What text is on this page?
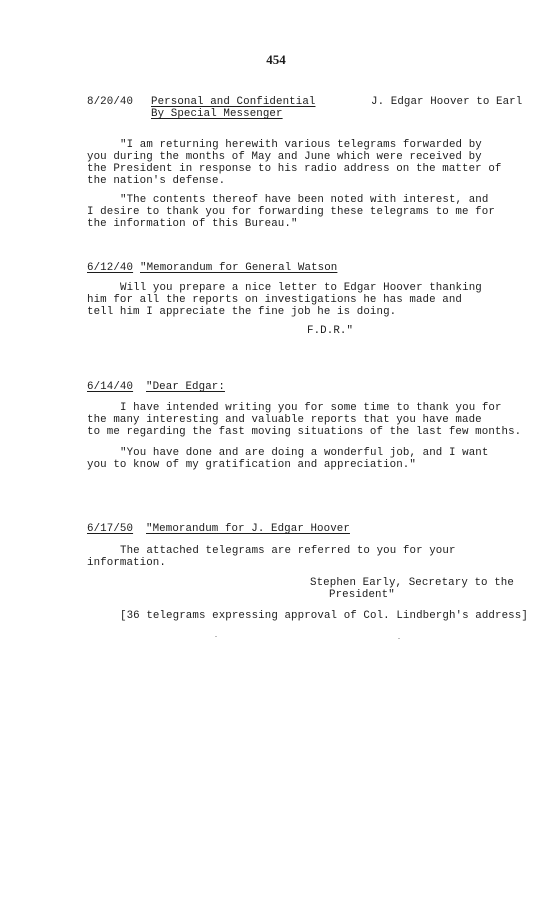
454
8/20/40 Personal and Confidential	J. Edgar Hoover to Earl
By Special Messenger
"I am returning herewith various telegrams forwarded by
you during the months of May and June which were received by
the President in response to his radio address on the matter of
the nation's defense.
"The contents thereof have been noted with interest, and
I desire to thank you for forwarding these telegrams to me for
the information of this Bureau."
6/12/40 "Memorandum for General Watson
Will you prepare a nice letter to Edgar Hoover thanking
him for all the reports on investigations he has made and
tell him I appreciate the fine job he is doing.
F.D.R."
6/14/40 "Dear Edgar:
I have intended writing you for some time to thank you for
the many interesting and valuable reports that you have made
to me regarding the fast moving situations of the last few months.
"You have done and are doing a wonderful job, and I want
you to know of my gratification and appreciation."
6/17/50 "Memorandum for J. Edgar Hoover
The attached telegrams are referred to you for your
information.
Stephen Early, Secretary to the
President"
[36 telegrams expressing approval of Col. Lindbergh's address]
